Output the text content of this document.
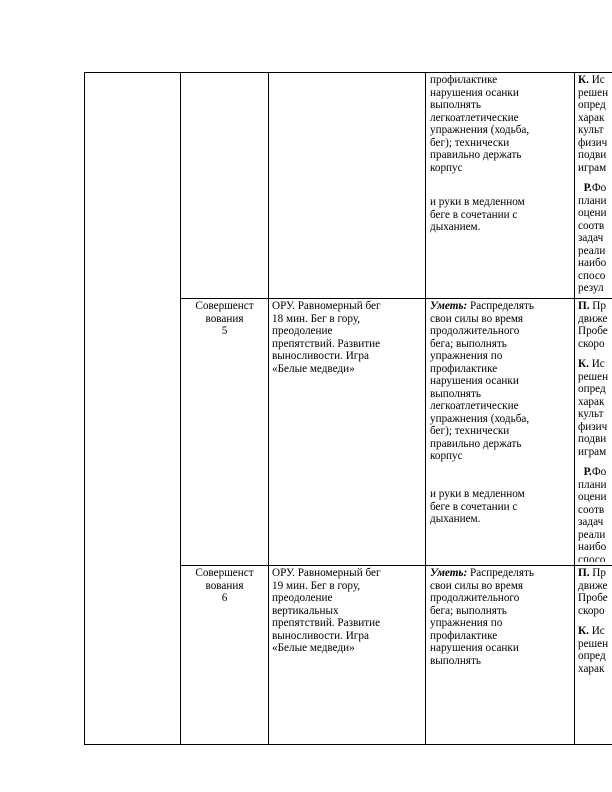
профилактике
нарушения осанки
выполнять
легкоатлетические
упражнения (ходьба,
бег); технически
правильно держать
корпус
и руки в медленном
беге в сочетании с
дыханием.
К. Ис
решен
опред
харак
культ
физич
подви
играм
Р.Фо
плани
оцени
соотв
задач
реали
наибо
спосо
резул
Совершенст
вования
5
ОРУ. Равномерный бег
18 мин. Бег в гору,
преодоление
препятствий. Развитие
выносливости. Игра
«Белые медведи»
Уметь: Распределять
свои силы во время
продолжительного
бега; выполнять
упражнения по
профилактике
нарушения осанки
выполнять
легкоатлетические
упражнения (ходьба,
бег); технически
правильно держать
корпус
и руки в медленном
беге в сочетании с
дыханием.
П. Пр
движе
Пробе
скоро
К. Ис
решен
опред
харак
культ
физич
подви
играм
Р.Фо
плани
оцени
соотв
задач
реали
наибо
спосо
Совершенст
вования
6
ОРУ. Равномерный бег
19 мин. Бег в гору,
преодоление
вертикальных
препятствий. Развитие
выносливости. Игра
«Белые медведи»
Уметь: Распределять
свои силы во время
продолжительного
бега; выполнять
упражнения по
профилактике
нарушения осанки
выполнять
П. Пр
движе
Пробе
скоро
К. Ис
решен
опред
харак
